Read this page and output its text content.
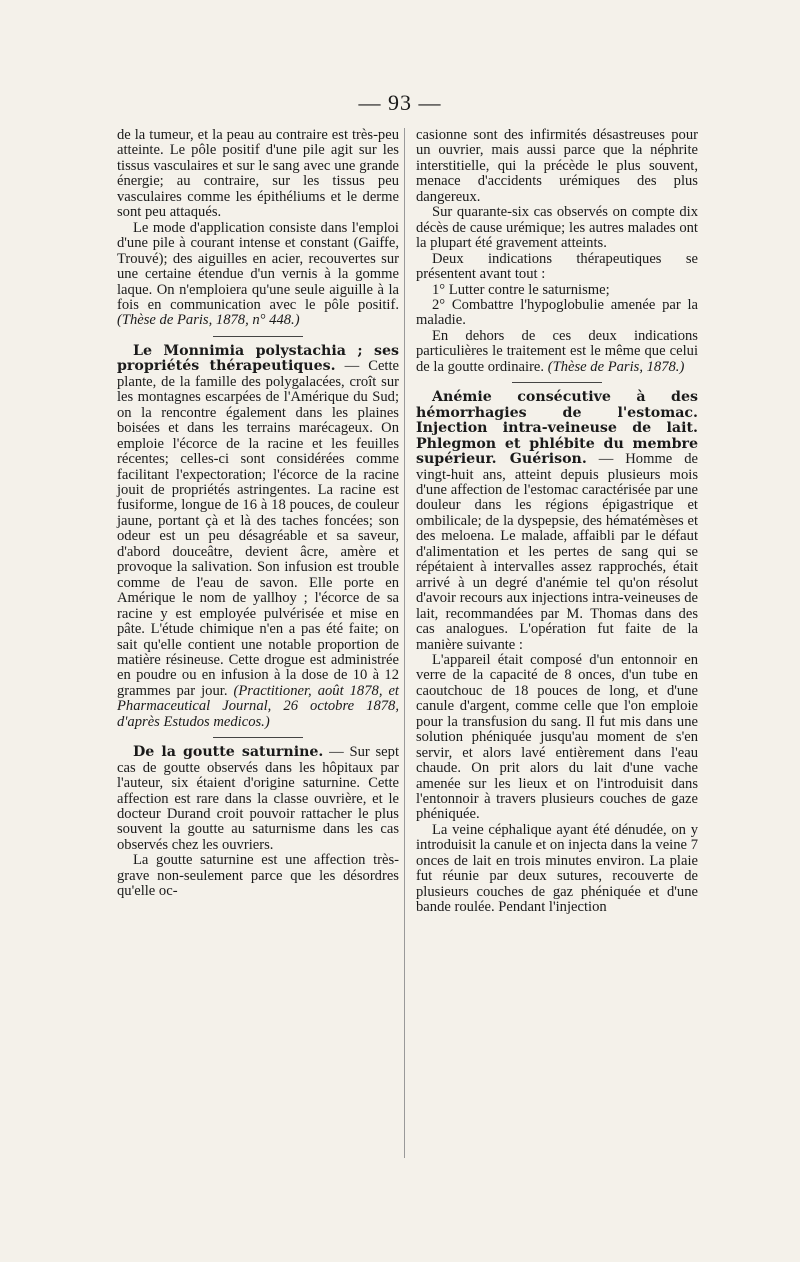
— 93 —

de la tumeur, et la peau au contraire est très-peu atteinte. Le pôle positif d'une pile agit sur les tissus vasculaires et sur le sang avec une grande énergie; au contraire, sur les tissus peu vasculaires comme les épithéliums et le derme sont peu attaqués.

Le mode d'application consiste dans l'emploi d'une pile à courant intense et constant (Gaiffe, Trouvé); des aiguilles en acier, recouvertes sur une certaine étendue d'un vernis à la gomme laque. On n'emploiera qu'une seule aiguille à la fois en communication avec le pôle positif. (Thèse de Paris, 1878, n° 448.)

Le Monnimia polystachia ; ses propriétés thérapeutiques. — Cette plante, de la famille des polygalacées, croît sur les montagnes escarpées de l'Amérique du Sud; on la rencontre également dans les plaines boisées et dans les terrains marécageux. On emploie l'écorce de la racine et les feuilles récentes; celles-ci sont considérées comme facilitant l'expectoration; l'écorce de la racine jouit de propriétés astringentes. La racine est fusiforme, longue de 16 à 18 pouces, de couleur jaune, portant çà et là des taches foncées; son odeur est un peu désagréable et sa saveur, d'abord douceâtre, devient âcre, amère et provoque la salivation. Son infusion est trouble comme de l'eau de savon. Elle porte en Amérique le nom de yallhoy ; l'écorce de sa racine y est employée pulvérisée et mise en pâte. L'étude chimique n'en a pas été faite; on sait qu'elle contient une notable proportion de matière résineuse. Cette drogue est administrée en poudre ou en infusion à la dose de 10 à 12 grammes par jour. (Practitioner, août 1878, et Pharmaceutical Journal, 26 octobre 1878, d'après Estudos medicos.)

De la goutte saturnine. — Sur sept cas de goutte observés dans les hôpitaux par l'auteur, six étaient d'origine saturnine. Cette affection est rare dans la classe ouvrière, et le docteur Durand croit pouvoir rattacher le plus souvent la goutte au saturnisme dans les cas observés chez les ouvriers.

La goutte saturnine est une affection très-grave non-seulement parce que les désordres qu'elle oc-

casionne sont des infirmités désastreuses pour un ouvrier, mais aussi parce que la néphrite interstitielle, qui la précède le plus souvent, menace d'accidents urémiques des plus dangereux.

Sur quarante-six cas observés on compte dix décès de cause urémique; les autres malades ont la plupart été gravement atteints.

Deux indications thérapeutiques se présentent avant tout :

1° Lutter contre le saturnisme;

2° Combattre l'hypoglobulie amenée par la maladie.

En dehors de ces deux indications particulières le traitement est le même que celui de la goutte ordinaire. (Thèse de Paris, 1878.)

Anémie consécutive à des hémorrhagies de l'estomac. Injection intra-veineuse de lait. Phlegmon et phlébite du membre supérieur. Guérison. — Homme de vingt-huit ans, atteint depuis plusieurs mois d'une affection de l'estomac caractérisée par une douleur dans les régions épigastrique et ombilicale; de la dyspepsie, des hématémèses et des meloena. Le malade, affaibli par le défaut d'alimentation et les pertes de sang qui se répétaient à intervalles assez rapprochés, était arrivé à un degré d'anémie tel qu'on résolut d'avoir recours aux injections intra-veineuses de lait, recommandées par M. Thomas dans des cas analogues. L'opération fut faite de la manière suivante :

L'appareil était composé d'un entonnoir en verre de la capacité de 8 onces, d'un tube en caoutchouc de 18 pouces de long, et d'une canule d'argent, comme celle que l'on emploie pour la transfusion du sang. Il fut mis dans une solution phéniquée jusqu'au moment de s'en servir, et alors lavé entièrement dans l'eau chaude. On prit alors du lait d'une vache amenée sur les lieux et on l'introduisit dans l'entonnoir à travers plusieurs couches de gaze phéniquée.

La veine céphalique ayant été dénudée, on y introduisit la canule et on injecta dans la veine 7 onces de lait en trois minutes environ. La plaie fut réunie par deux sutures, recouverte de plusieurs couches de gaz phéniquée et d'une bande roulée. Pendant l'injection
